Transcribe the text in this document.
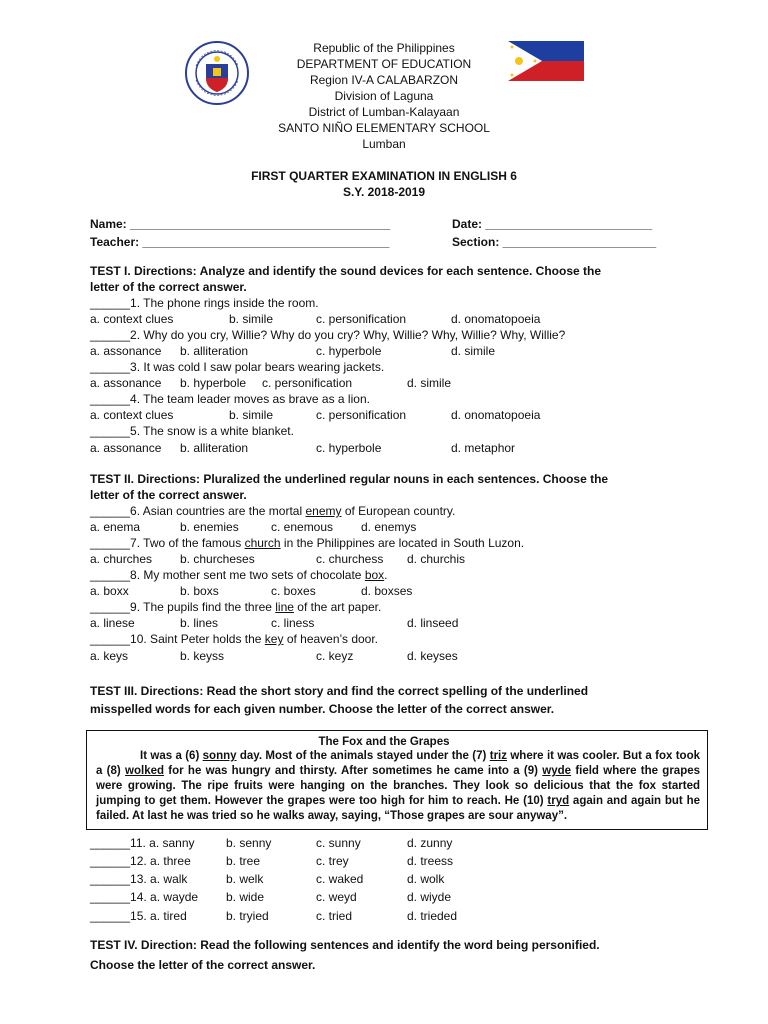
Republic of the Philippines
DEPARTMENT OF EDUCATION
Region IV-A CALABARZON
Division of Laguna
District of Lumban-Kalayaan
SANTO NIÑO ELEMENTARY SCHOOL
Lumban
FIRST QUARTER EXAMINATION IN ENGLISH 6
S.Y. 2018-2019
Name: _______________________________________	Date: _________________________
Teacher: _____________________________________	Section: _______________________
TEST I. Directions: Analyze and identify the sound devices for each sentence. Choose the
letter of the correct answer.
______1. The phone rings inside the room.
a. context clues	b. simile	c. personification	d. onomatopoeia
______2. Why do you cry, Willie? Why do you cry? Why, Willie? Why, Willie? Why, Willie?
a. assonance b. alliteration	c. hyperbole	d. simile
______3. It was cold I saw polar bears wearing jackets.
a. assonance b. hyperbole c. personification	d. simile
______4. The team leader moves as brave as a lion.
a. context clues	b. simile	c. personification	d. onomatopoeia
______5. The snow is a white blanket.
a. assonance b. alliteration	c. hyperbole	d. metaphor
TEST II. Directions: Pluralized the underlined regular nouns in each sentences. Choose the
letter of the correct answer.
______6. Asian countries are the mortal enemy of European country.
a. enema	b. enemies	c. enemous d. enemys
______7. Two of the famous church in the Philippines are located in South Luzon.
a. churches b. churcheses	c. churchess d. churchis
______8. My mother sent me two sets of chocolate box.
a. boxx	b. boxs	c. boxes	d. boxses
______9. The pupils find the three line of the art paper.
a. linese	b. lines	c. liness	d. linseed
______10. Saint Peter holds the key of heaven’s door.
a. keys	b. keyss	c. keyz	d. keyses
TEST III. Directions: Read the short story and find the correct spelling of the underlined
misspelled words for each given number. Choose the letter of the correct answer.
The Fox and the Grapes
It was a (6) sonny day. Most of the animals stayed under the (7) triz where it was cooler. But a fox took a (8) wolked for he was hungry and thirsty. After sometimes he came into a (9) wyde field where the grapes were growing. The ripe fruits were hanging on the branches. They look so delicious that the fox started jumping to get them. However the grapes were too high for him to reach. He (10) tryd again and again but he failed. At last he was tried so he walks away, saying, “Those grapes are sour anyway”.
______11. a. sanny	b. senny	c. sunny	d. zunny
______12. a. three	b. tree	c. trey	d. treess
______13. a. walk	b. welk	c. waked	d. wolk
______14. a. wayde b. wide	c. weyd	d. wiyde
______15. a. tired	b. tryied	c. tried	d. trieded
TEST IV. Direction: Read the following sentences and identify the word being personified.
Choose the letter of the correct answer.
